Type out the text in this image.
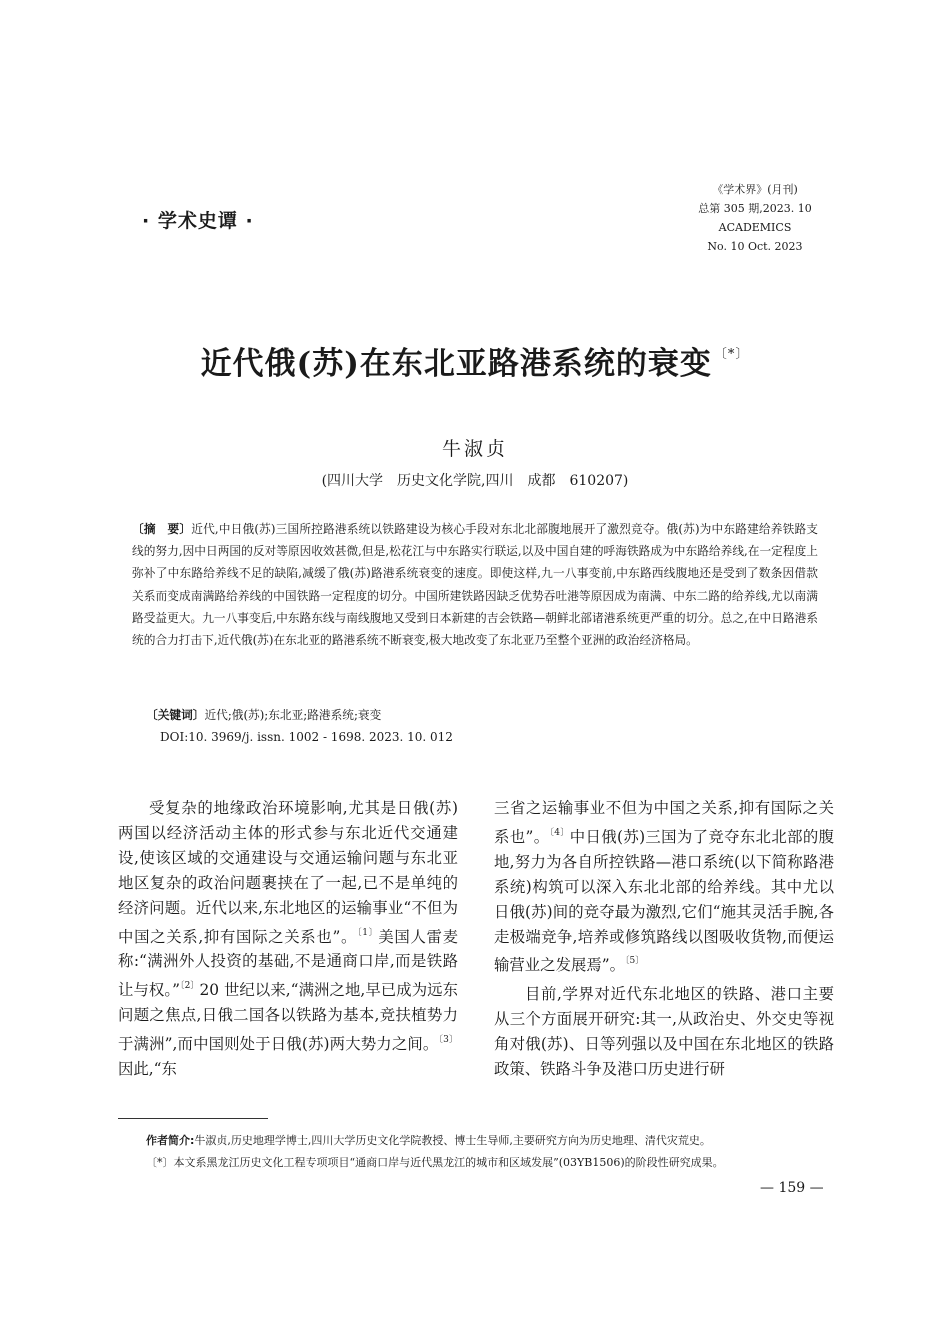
· 学术史谭 ·
《学术界》(月刊)
总第 305 期,2023. 10
ACADEMICS
No. 10 Oct. 2023
近代俄(苏)在东北亚路港系统的衰变 〔*〕
牛淑贞
(四川大学　历史文化学院,四川　成都　610207)
〔摘　要〕近代,中日俄(苏)三国所控路港系统以铁路建设为核心手段对东北北部腹地展开了激烈竞夺。俄(苏)为中东路建给养铁路支线的努力,因中日两国的反对等原因收效甚微,但是,松花江与中东路实行联运,以及中国自建的呼海铁路成为中东路给养线,在一定程度上弥补了中东路给养线不足的缺陷,减缓了俄(苏)路港系统衰变的速度。即使这样,九一八事变前,中东路西线腹地还是受到了数条因借款关系而变成南满路给养线的中国铁路一定程度的切分。中国所建铁路因缺乏优势吞吐港等原因成为南满、中东二路的给养线,尤以南满路受益更大。九一八事变后,中东路东线与南线腹地又受到日本新建的吉会铁路—朝鲜北部诸港系统更严重的切分。总之,在中日路港系统的合力打击下,近代俄(苏)在东北亚的路港系统不断衰变,极大地改变了东北亚乃至整个亚洲的政治经济格局。
〔关键词〕近代;俄(苏);东北亚;路港系统;衰变
DOI:10. 3969/j. issn. 1002 - 1698. 2023. 10. 012

受复杂的地缘政治环境影响,尤其是日俄(苏)两国以经济活动主体的形式参与东北近代交通建设,使该区域的交通建设与交通运输问题与东北亚地区复杂的政治问题裹挟在了一起,已不是单纯的经济问题。近代以来,东北地区的运输事业“不但为中国之关系,抑有国际之关系也”。$^{〔1〕}$美国人雷麦称:“满洲外人投资的基础,不是通商口岸,而是铁路让与权。”$^{〔2〕}$20 世纪以来,“满洲之地,早已成为远东问题之焦点,日俄二国各以铁路为基本,竞扶植势力于满洲”,而中国则处于日俄(苏)两大势力之间。$^{〔3〕}$因此,“东

三省之运输事业不但为中国之关系,抑有国际之关系也”。$^{〔4〕}$中日俄(苏)三国为了竞夺东北北部的腹地,努力为各自所控铁路—港口系统(以下简称路港系统)构筑可以深入东北北部的给养线。其中尤以日俄(苏)间的竞夺最为激烈,它们“施其灵活手腕,各走极端竞争,培养或修筑路线以图吸收货物,而便运输营业之发展焉”。$^{〔5〕}$

目前,学界对近代东北地区的铁路、港口主要从三个方面展开研究:其一,从政治史、外交史等视角对俄(苏)、日等列强以及中国在东北地区的铁路政策、铁路斗争及港口历史进行研

作者简介:牛淑贞,历史地理学博士,四川大学历史文化学院教授、博士生导师,主要研究方向为历史地理、清代灾荒史。
〔*〕本文系黑龙江历史文化工程专项项目“通商口岸与近代黑龙江的城市和区域发展”(03YB1506)的阶段性研究成果。
— 159 —
